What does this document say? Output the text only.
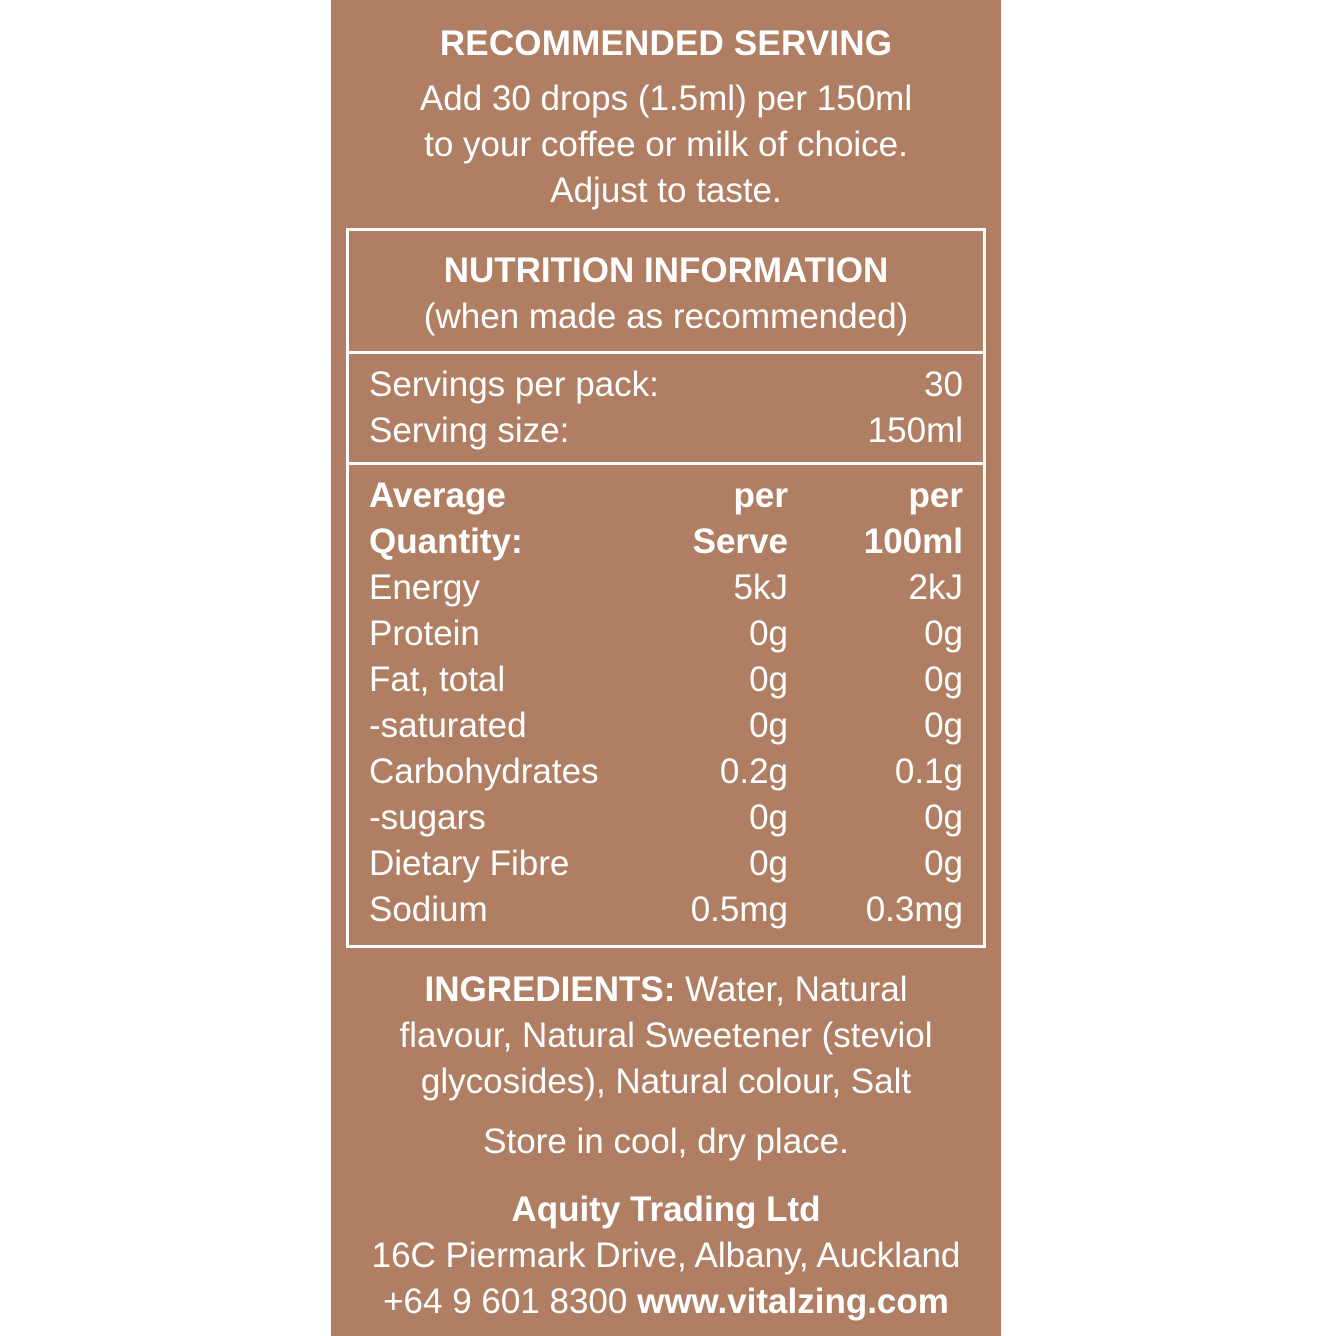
RECOMMENDED SERVING
Add 30 drops (1.5ml) per 150ml
to your coffee or milk of choice.
Adjust to taste.
NUTRITION INFORMATION
(when made as recommended)
Servings per pack:	30
Serving size:	150ml
Average	per	per
Quantity:	Serve 100ml
Energy	5kJ	2kJ
Protein	0g	0g
Fat, total	0g	0g
-saturated	0g	0g
Carbohydrates	0.2g	0.1g
-sugars	0g	0g
Dietary Fibre	0g	0g
Sodium	0.5mg 0.3mg
INGREDIENTS: Water, Natural
flavour, Natural Sweetener (steviol
glycosides), Natural colour, Salt
Store in cool, dry place.
Aquity Trading Ltd
16C Piermark Drive, Albany, Auckland
+64 9 601 8300 www.vitalzing.com
